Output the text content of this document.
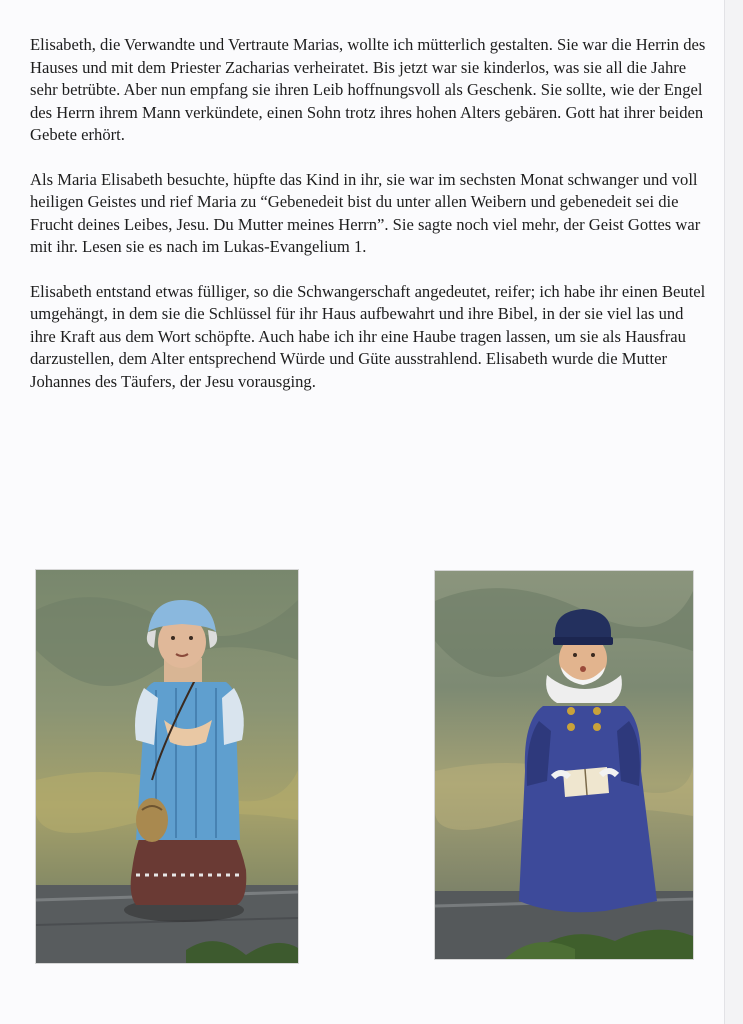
Elisabeth, die Verwandte und Vertraute Marias, wollte ich mütterlich gestalten. Sie war die Herrin des Hauses und mit dem Priester Zacharias verheiratet. Bis jetzt war sie kinderlos, was sie all die Jahre sehr betrübte. Aber nun empfang sie ihren Leib hoffnungsvoll als Geschenk. Sie sollte, wie der Engel des Herrn ihrem Mann verkündete, einen Sohn trotz ihres hohen Alters gebären. Gott hat ihrer beiden Gebete erhört.

Als Maria Elisabeth besuchte, hüpfte das Kind in ihr, sie war im sechsten Monat schwanger und voll heiligen Geistes und rief Maria zu “Gebenedeit bist du unter allen Weibern und gebenedeit sei die Frucht deines Leibes, Jesu. Du Mutter meines Herrn”. Sie sagte noch viel mehr, der Geist Gottes war mit ihr. Lesen sie es nach im Lukas-Evangelium 1.

Elisabeth entstand etwas fülliger, so die Schwangerschaft angedeutet, reifer; ich habe ihr einen Beutel umgehängt, in dem sie die Schlüssel für ihr Haus aufbewahrt und ihre Bibel, in der sie viel las und ihre Kraft aus dem Wort schöpfte. Auch habe ich ihr eine Haube tragen lassen, um sie als Hausfrau darzustellen, dem Alter entsprechend Würde und Güte ausstrahlend. Elisabeth wurde die Mutter Johannes des Täufers, der Jesu vorausging.
